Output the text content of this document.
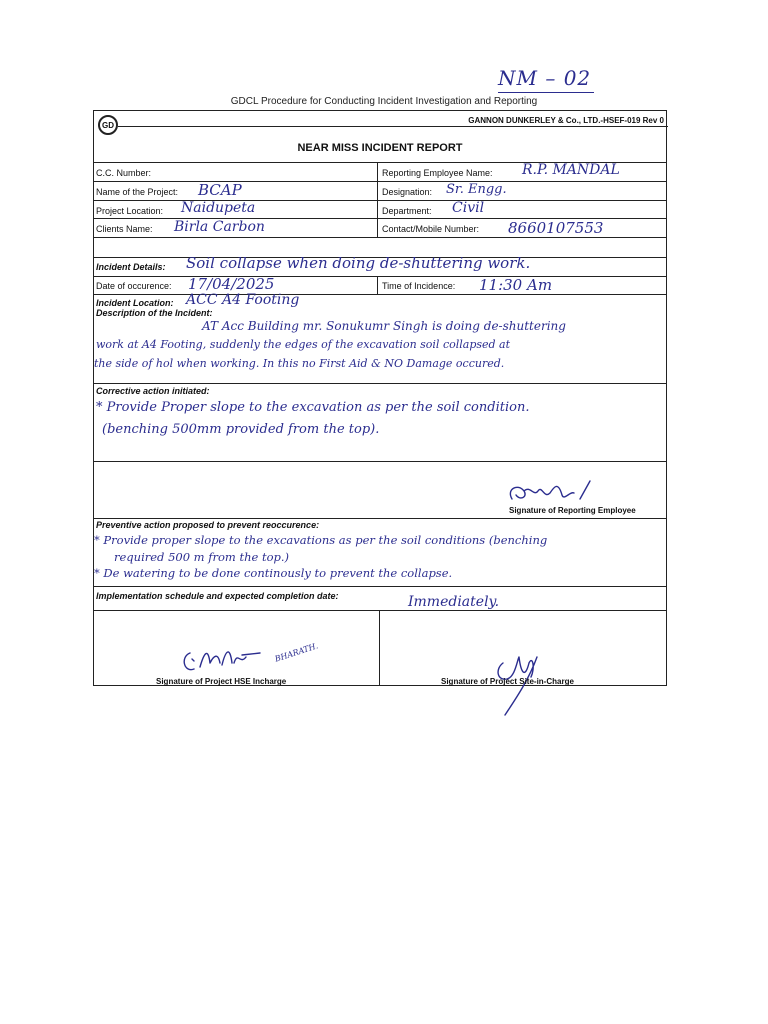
NM – 02
GDCL Procedure for Conducting Incident Investigation and Reporting
GD	GANNON DUNKERLEY & Co., LTD.-HSEF-019 Rev 0
NEAR MISS INCIDENT REPORT
C.C. Number:	Reporting Employee Name: R.P. MANDAL
Name of the Project: BCAP	Designation: Sr. Engg.
Project Location: Naidupeta	Department: Civil
Clients Name: Birla Carbon	Contact/Mobile Number: 8660107553
Incident Details: Soil collapse when doing de-shuttering work.
Date of occurence: 17/04/2025	Time of Incidence: 11:30 Am
Incident Location: ACC A4 Footing
Description of the Incident:
AT Acc Building mr. Sonukumr Singh is doing de-shuttering
work at A4 Footing, suddenly the edges of the excavation soil collapsed at
the side of hol when working. In this no First Aid & NO Damage occured.
Corrective action initiated:
* Provide Proper slope to the excavation as per the soil condition.
(benching 500mm provided from the top).
Signature of Reporting Employee
Preventive action proposed to prevent reoccurence:
* Provide proper slope to the excavations as per the soil conditions (benching
required 500 m from the top.)
* De watering to be done continously to prevent the collapse.
Implementation schedule and expected completion date:	Immediately.
BHARATH.
Signature of Project HSE Incharge	Signature of Project Site-in-Charge
